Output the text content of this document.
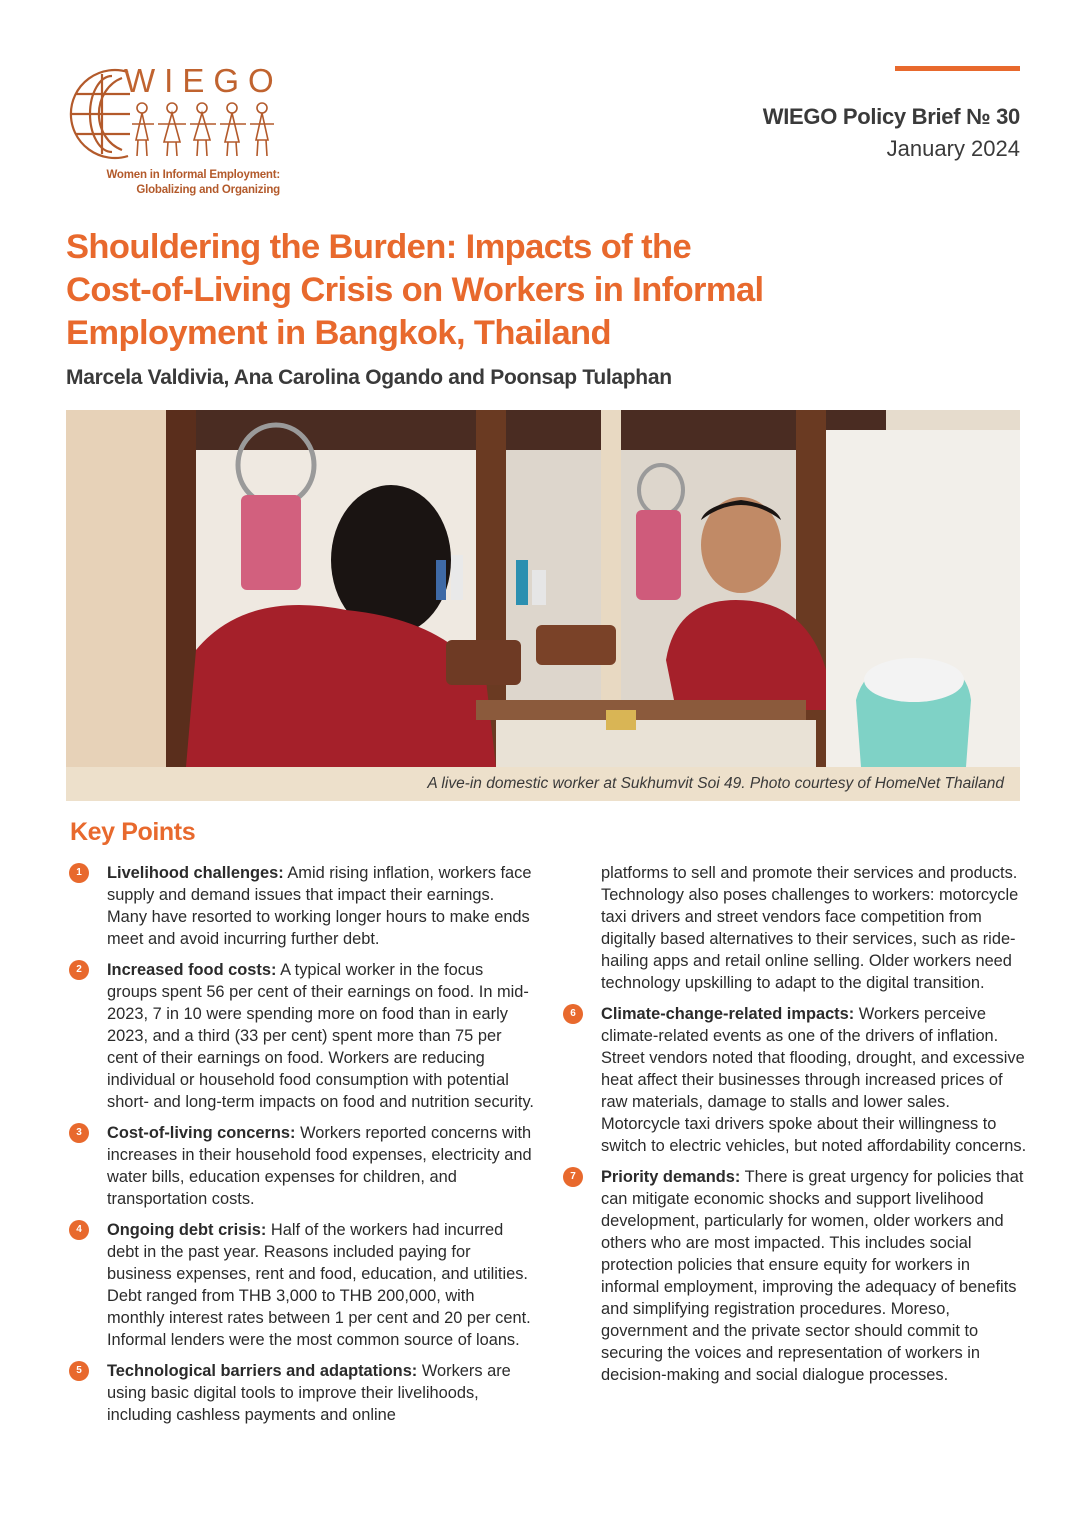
WIEGO
Women in Informal Employment:
Globalizing and Organizing
WIEGO Policy Brief № 30
January 2024
Shouldering the Burden: Impacts of the
Cost-of-Living Crisis on Workers in Informal
Employment in Bangkok, Thailand
Marcela Valdivia, Ana Carolina Ogando and Poonsap Tulaphan
A live-in domestic worker at Sukhumvit Soi 49. Photo courtesy of HomeNet Thailand
Key Points
1	Livelihood challenges: Amid rising inflation, workers face supply and demand issues that impact their earnings. Many have resorted to working longer hours to make ends meet and avoid incurring further debt.
2	Increased food costs: A typical worker in the focus groups spent 56 per cent of their earnings on food. In mid-2023, 7 in 10 were spending more on food than in early 2023, and a third (33 per cent) spent more than 75 per cent of their earnings on food. Workers are reducing individual or household food consumption with potential short- and long-term impacts on food and nutrition security.
3	Cost-of-living concerns: Workers reported concerns with increases in their household food expenses, electricity and water bills, education expenses for children, and transportation costs.
4	Ongoing debt crisis: Half of the workers had incurred debt in the past year. Reasons included paying for business expenses, rent and food, education, and utilities. Debt ranged from THB 3,000 to THB 200,000, with monthly interest rates between 1 per cent and 20 per cent. Informal lenders were the most common source of loans.
5	Technological barriers and adaptations: Workers are using basic digital tools to improve their livelihoods, including cashless payments and online
platforms to sell and promote their services and products. Technology also poses challenges to workers: motorcycle taxi drivers and street vendors face competition from digitally based alternatives to their services, such as ride-hailing apps and retail online selling. Older workers need technology upskilling to adapt to the digital transition.
6	Climate-change-related impacts: Workers perceive climate-related events as one of the drivers of inflation. Street vendors noted that flooding, drought, and excessive heat affect their businesses through increased prices of raw materials, damage to stalls and lower sales. Motorcycle taxi drivers spoke about their willingness to switch to electric vehicles, but noted affordability concerns.
7	Priority demands: There is great urgency for policies that can mitigate economic shocks and support livelihood development, particularly for women, older workers and others who are most impacted. This includes social protection policies that ensure equity for workers in informal employment, improving the adequacy of benefits and simplifying registration procedures. Moreso, government and the private sector should commit to securing the voices and representation of workers in decision-making and social dialogue processes.
